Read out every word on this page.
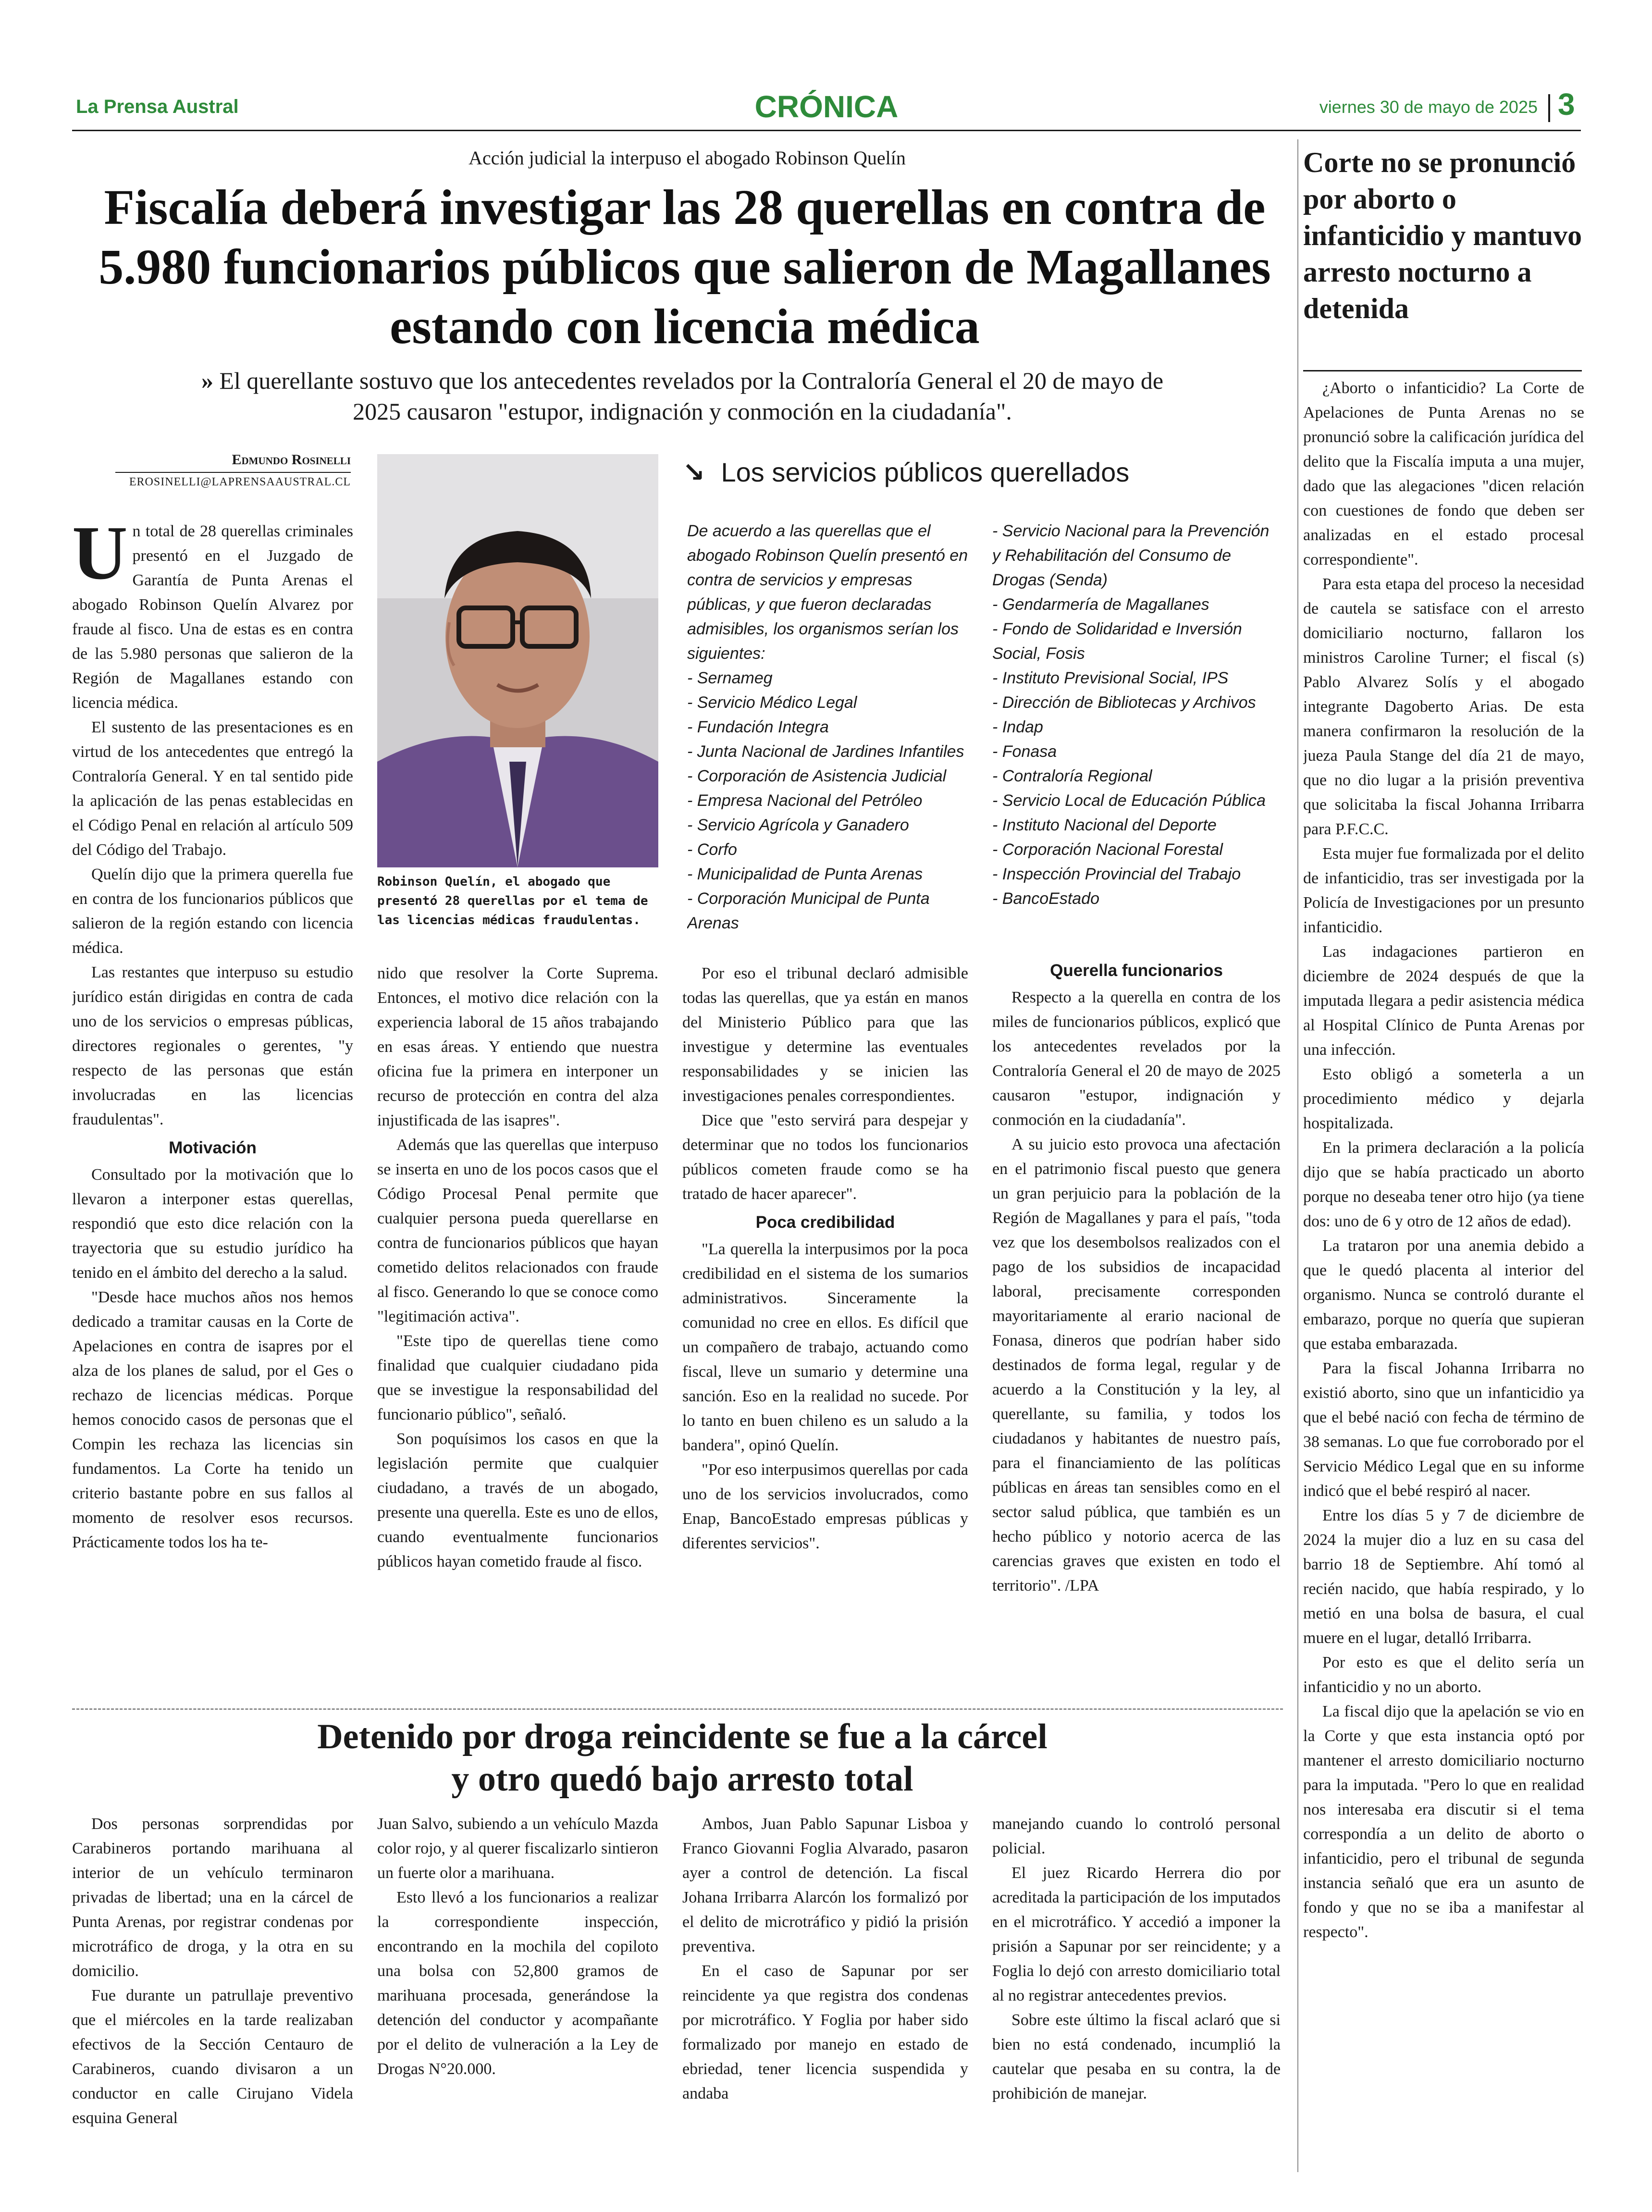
La Prensa Austral	CRÓNICA	viernes 30 de mayo de 2025 3
Acción judicial la interpuso el abogado Robinson Quelín
Fiscalía deberá investigar las 28 querellas en contra de 5.980 funcionarios públicos que salieron de Magallanes estando con licencia médica
» El querellante sostuvo que los antecedentes revelados por la Contraloría General el 20 de mayo de 2025 causaron "estupor, indignación y conmoción en la ciudadanía".
Edmundo Rosinelli
EROSINELLI@LAPRENSAAUSTRAL.CL
U n total de 28 querellas criminales presentó en el Juzgado de Garantía de Punta Arenas el abogado Robinson Quelín Alvarez por fraude al fisco. Una de estas es en contra de las 5.980 personas que salieron de la Región de Magallanes estando con licencia médica.

El sustento de las presentaciones es en virtud de los antecedentes que entregó la Contraloría General. Y en tal sentido pide la aplicación de las penas establecidas en el Código Penal en relación al artículo 509 del Código del Trabajo.

Quelín dijo que la primera querella fue en contra de los funcionarios públicos que salieron de la región estando con licencia médica.

Las restantes que interpuso su estudio jurídico están dirigidas en contra de cada uno de los servicios o empresas públicas, directores regionales o gerentes, "y respecto de las personas que están involucradas en las licencias fraudulentas".

Motivación

Consultado por la motivación que lo llevaron a interponer estas querellas, respondió que esto dice relación con la trayectoria que su estudio jurídico ha tenido en el ámbito del derecho a la salud.

"Desde hace muchos años nos hemos dedicado a tramitar causas en la Corte de Apelaciones en contra de isapres por el alza de los planes de salud, por el Ges o rechazo de licencias médicas. Porque hemos conocido casos de personas que el Compin les rechaza las licencias sin fundamentos. La Corte ha tenido un criterio bastante pobre en sus fallos al momento de resolver esos recursos. Prácticamente todos los ha te-

Robinson Quelín, el abogado que presentó 28 querellas por el tema de las licencias médicas fraudulentas.
↘ Los servicios públicos querellados

De acuerdo a las querellas que el abogado Robinson Quelín presentó en contra de servicios y empresas públicas, y que fueron declaradas admisibles, los organismos serían los siguientes:

- Sernameg

- Servicio Médico Legal

- Fundación Integra

- Junta Nacional de Jardines Infantiles

- Corporación de Asistencia Judicial

- Empresa Nacional del Petróleo

- Servicio Agrícola y Ganadero

- Corfo

- Municipalidad de Punta Arenas

- Corporación Municipal de Punta Arenas

- Servicio Nacional para la Prevención y Rehabilitación del Consumo de Drogas (Senda)

- Gendarmería de Magallanes

- Fondo de Solidaridad e Inversión Social, Fosis

- Instituto Previsional Social, IPS

- Dirección de Bibliotecas y Archivos

- Indap

- Fonasa

- Contraloría Regional

- Servicio Local de Educación Pública

- Instituto Nacional del Deporte

- Corporación Nacional Forestal

- Inspección Provincial del Trabajo

- BancoEstado

nido que resolver la Corte Suprema. Entonces, el motivo dice relación con la experiencia laboral de 15 años trabajando en esas áreas. Y entiendo que nuestra oficina fue la primera en interponer un recurso de protección en contra del alza injustificada de las isapres".

Además que las querellas que interpuso se inserta en uno de los pocos casos que el Código Procesal Penal permite que cualquier persona pueda querellarse en contra de funcionarios públicos que hayan cometido delitos relacionados con fraude al fisco. Generando lo que se conoce como "legitimación activa".

"Este tipo de querellas tiene como finalidad que cualquier ciudadano pida que se investigue la responsabilidad del funcionario público", señaló.

Son poquísimos los casos en que la legislación permite que cualquier ciudadano, a través de un abogado, presente una querella. Este es uno de ellos, cuando eventualmente funcionarios públicos hayan cometido fraude al fisco.

Por eso el tribunal declaró admisible todas las querellas, que ya están en manos del Ministerio Público para que las investigue y determine las eventuales responsabilidades y se inicien las investigaciones penales correspondientes.

Dice que "esto servirá para despejar y determinar que no todos los funcionarios públicos cometen fraude como se ha tratado de hacer aparecer".

Poca credibilidad

"La querella la interpusimos por la poca credibilidad en el sistema de los sumarios administrativos. Sinceramente la comunidad no cree en ellos. Es difícil que un compañero de trabajo, actuando como fiscal, lleve un sumario y determine una sanción. Eso en la realidad no sucede. Por lo tanto en buen chileno es un saludo a la bandera", opinó Quelín.

"Por eso interpusimos querellas por cada uno de los servicios involucrados, como Enap, BancoEstado empresas públicas y diferentes servicios".

Querella funcionarios

Respecto a la querella en contra de los miles de funcionarios públicos, explicó que los antecedentes revelados por la Contraloría General el 20 de mayo de 2025 causaron "estupor, indignación y conmoción en la ciudadanía".

A su juicio esto provoca una afectación en el patrimonio fiscal puesto que genera un gran perjuicio para la población de la Región de Magallanes y para el país, "toda vez que los desembolsos realizados con el pago de los subsidios de incapacidad laboral, precisamente corresponden mayoritariamente al erario nacional de Fonasa, dineros que podrían haber sido destinados de forma legal, regular y de acuerdo a la Constitución y la ley, al querellante, su familia, y todos los ciudadanos y habitantes de nuestro país, para el financiamiento de las políticas públicas en áreas tan sensibles como en el sector salud pública, que también es un hecho público y notorio acerca de las carencias graves que existen en todo el territorio". /LPA

Corte no se pronunció por aborto o infanticidio y mantuvo arresto nocturno a detenida

¿Aborto o infanticidio? La Corte de Apelaciones de Punta Arenas no se pronunció sobre la calificación jurídica del delito que la Fiscalía imputa a una mujer, dado que las alegaciones "dicen relación con cuestiones de fondo que deben ser analizadas en el estado procesal correspondiente".

Para esta etapa del proceso la necesidad de cautela se satisface con el arresto domiciliario nocturno, fallaron los ministros Caroline Turner; el fiscal (s) Pablo Alvarez Solís y el abogado integrante Dagoberto Arias. De esta manera confirmaron la resolución de la jueza Paula Stange del día 21 de mayo, que no dio lugar a la prisión preventiva que solicitaba la fiscal Johanna Irribarra para P.F.C.C.

Esta mujer fue formalizada por el delito de infanticidio, tras ser investigada por la Policía de Investigaciones por un presunto infanticidio.

Las indagaciones partieron en diciembre de 2024 después de que la imputada llegara a pedir asistencia médica al Hospital Clínico de Punta Arenas por una infección.

Esto obligó a someterla a un procedimiento médico y dejarla hospitalizada.

En la primera declaración a la policía dijo que se había practicado un aborto porque no deseaba tener otro hijo (ya tiene dos: uno de 6 y otro de 12 años de edad).

La trataron por una anemia debido a que le quedó placenta al interior del organismo. Nunca se controló durante el embarazo, porque no quería que supieran que estaba embarazada.

Para la fiscal Johanna Irribarra no existió aborto, sino que un infanticidio ya que el bebé nació con fecha de término de 38 semanas. Lo que fue corroborado por el Servicio Médico Legal que en su informe indicó que el bebé respiró al nacer.

Entre los días 5 y 7 de diciembre de 2024 la mujer dio a luz en su casa del barrio 18 de Septiembre. Ahí tomó al recién nacido, que había respirado, y lo metió en una bolsa de basura, el cual muere en el lugar, detalló Irribarra.

Por esto es que el delito sería un infanticidio y no un aborto.

La fiscal dijo que la apelación se vio en la Corte y que esta instancia optó por mantener el arresto domiciliario nocturno para la imputada. "Pero lo que en realidad nos interesaba era discutir si el tema correspondía a un delito de aborto o infanticidio, pero el tribunal de segunda instancia señaló que era un asunto de fondo y que no se iba a manifestar al respecto".

Detenido por droga reincidente se fue a la cárcel y otro quedó bajo arresto total

Dos personas sorprendidas por Carabineros portando marihuana al interior de un vehículo terminaron privadas de libertad; una en la cárcel de Punta Arenas, por registrar condenas por microtráfico de droga, y la otra en su domicilio.

Fue durante un patrullaje preventivo que el miércoles en la tarde realizaban efectivos de la Sección Centauro de Carabineros, cuando divisaron a un conductor en calle Cirujano Videla esquina General

Juan Salvo, subiendo a un vehículo Mazda color rojo, y al querer fiscalizarlo sintieron un fuerte olor a marihuana.

Esto llevó a los funcionarios a realizar la correspondiente inspección, encontrando en la mochila del copiloto una bolsa con 52,800 gramos de marihuana procesada, generándose la detención del conductor y acompañante por el delito de vulneración a la Ley de Drogas N°20.000.

Ambos, Juan Pablo Sapunar Lisboa y Franco Giovanni Foglia Alvarado, pasaron ayer a control de detención. La fiscal Johana Irribarra Alarcón los formalizó por el delito de microtráfico y pidió la prisión preventiva.

En el caso de Sapunar por ser reincidente ya que registra dos condenas por microtráfico. Y Foglia por haber sido formalizado por manejo en estado de ebriedad, tener licencia suspendida y andaba

manejando cuando lo controló personal policial.

El juez Ricardo Herrera dio por acreditada la participación de los imputados en el microtráfico. Y accedió a imponer la prisión a Sapunar por ser reincidente; y a Foglia lo dejó con arresto domiciliario total al no registrar antecedentes previos.

Sobre este último la fiscal aclaró que si bien no está condenado, incumplió la cautelar que pesaba en su contra, la de prohibición de manejar.
